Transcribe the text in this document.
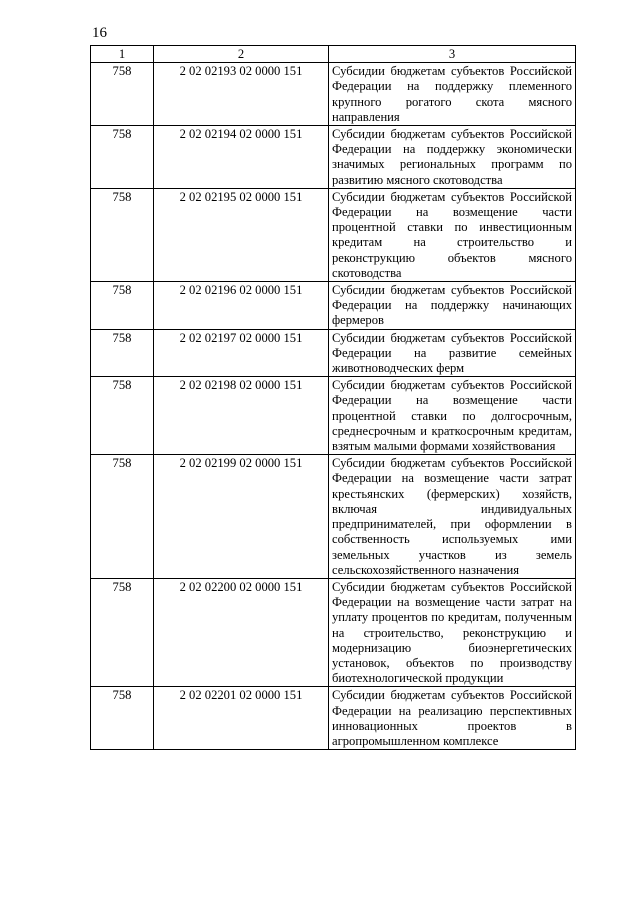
16
1	2	3
758	2 02 02193 02 0000 151	Субсидии бюджетам субъектов Российской Федерации на поддержку племенного крупного рогатого скота мясного направления
758	2 02 02194 02 0000 151	Субсидии бюджетам субъектов Российской Федерации на поддержку экономически значимых региональных программ по развитию мясного скотоводства
758	2 02 02195 02 0000 151	Субсидии бюджетам субъектов Российской Федерации на возмещение части процентной ставки по инвестиционным кредитам на строительство и реконструкцию объектов мясного скотоводства
758	2 02 02196 02 0000 151	Субсидии бюджетам субъектов Российской Федерации на поддержку начинающих фермеров
758	2 02 02197 02 0000 151	Субсидии бюджетам субъектов Российской Федерации на развитие семейных животноводческих ферм
758	2 02 02198 02 0000 151	Субсидии бюджетам субъектов Российской Федерации на возмещение части процентной ставки по долгосрочным, среднесрочным и краткосрочным кредитам, взятым малыми формами хозяйствования
758	2 02 02199 02 0000 151	Субсидии бюджетам субъектов Российской Федерации на возмещение части затрат крестьянских (фермерских) хозяйств, включая индивидуальных предпринимателей, при оформлении в собственность используемых ими земельных участков из земель сельскохозяйственного назначения
758	2 02 02200 02 0000 151	Субсидии бюджетам субъектов Российской Федерации на возмещение части затрат на уплату процентов по кредитам, полученным на строительство, реконструкцию и модернизацию биоэнергетических установок, объектов по производству биотехнологической продукции
758	2 02 02201 02 0000 151	Субсидии бюджетам субъектов Российской Федерации на реализацию перспективных инновационных проектов в агропромышленном комплексе
